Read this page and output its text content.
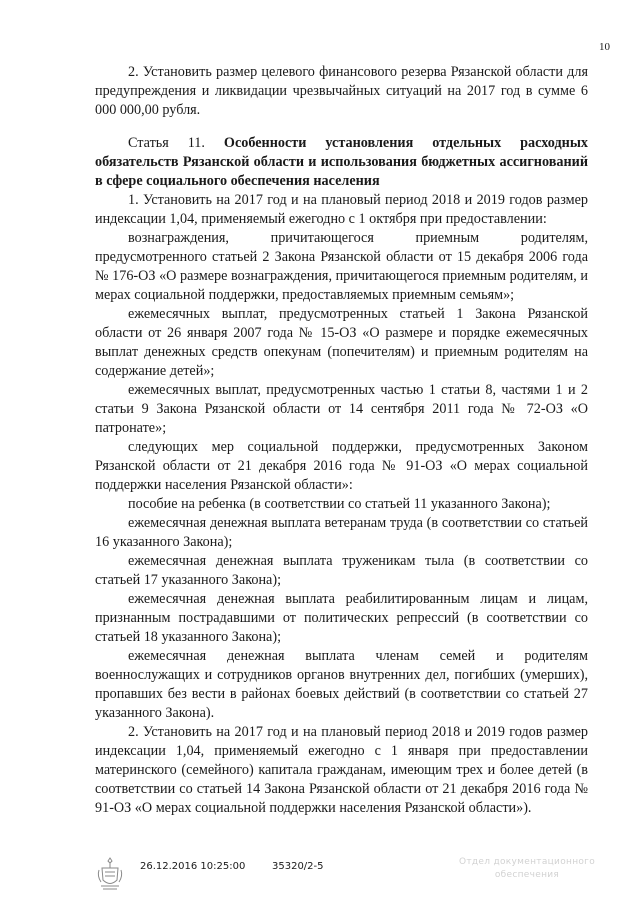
10

2. Установить размер целевого финансового резерва Рязанской области для предупреждения и ликвидации чрезвычайных ситуаций на 2017 год в сумме 6 000 000,00 рубля.

Статья 11. Особенности установления отдельных расходных обязательств Рязанской области и использования бюджетных ассигнований в сфере социального обеспечения населения

1. Установить на 2017 год и на плановый период 2018 и 2019 годов размер индексации 1,04, применяемый ежегодно с 1 октября при предоставлении:

вознаграждения, причитающегося приемным родителям, предусмотренного статьей 2 Закона Рязанской области от 15 декабря 2006 года № 176-ОЗ «О размере вознаграждения, причитающегося приемным родителям, и мерах социальной поддержки, предоставляемых приемным семьям»;

ежемесячных выплат, предусмотренных статьей 1 Закона Рязанской области от 26 января 2007 года № 15-ОЗ «О размере и порядке ежемесячных выплат денежных средств опекунам (попечителям) и приемным родителям на содержание детей»;

ежемесячных выплат, предусмотренных частью 1 статьи 8, частями 1 и 2 статьи 9 Закона Рязанской области от 14 сентября 2011 года № 72-ОЗ «О патронате»;

следующих мер социальной поддержки, предусмотренных Законом Рязанской области от 21 декабря 2016 года № 91-ОЗ «О мерах социальной поддержки населения Рязанской области»:

пособие на ребенка (в соответствии со статьей 11 указанного Закона);

ежемесячная денежная выплата ветеранам труда (в соответствии со статьей 16 указанного Закона);

ежемесячная денежная выплата труженикам тыла (в соответствии со статьей 17 указанного Закона);

ежемесячная денежная выплата реабилитированным лицам и лицам, признанным пострадавшими от политических репрессий (в соответствии со статьей 18 указанного Закона);

ежемесячная денежная выплата членам семей и родителям военнослужащих и сотрудников органов внутренних дел, погибших (умерших), пропавших без вести в районах боевых действий (в соответствии со статьей 27 указанного Закона).

2. Установить на 2017 год и на плановый период 2018 и 2019 годов размер индексации 1,04, применяемый ежегодно с 1 января при предоставлении материнского (семейного) капитала гражданам, имеющим трех и более детей (в соответствии со статьей 14 Закона Рязанской области от 21 декабря 2016 года № 91-ОЗ «О мерах социальной поддержки населения Рязанской области»).

26.12.2016 10:25:00	35320/2-5	Отдел документационного
обеспечения
